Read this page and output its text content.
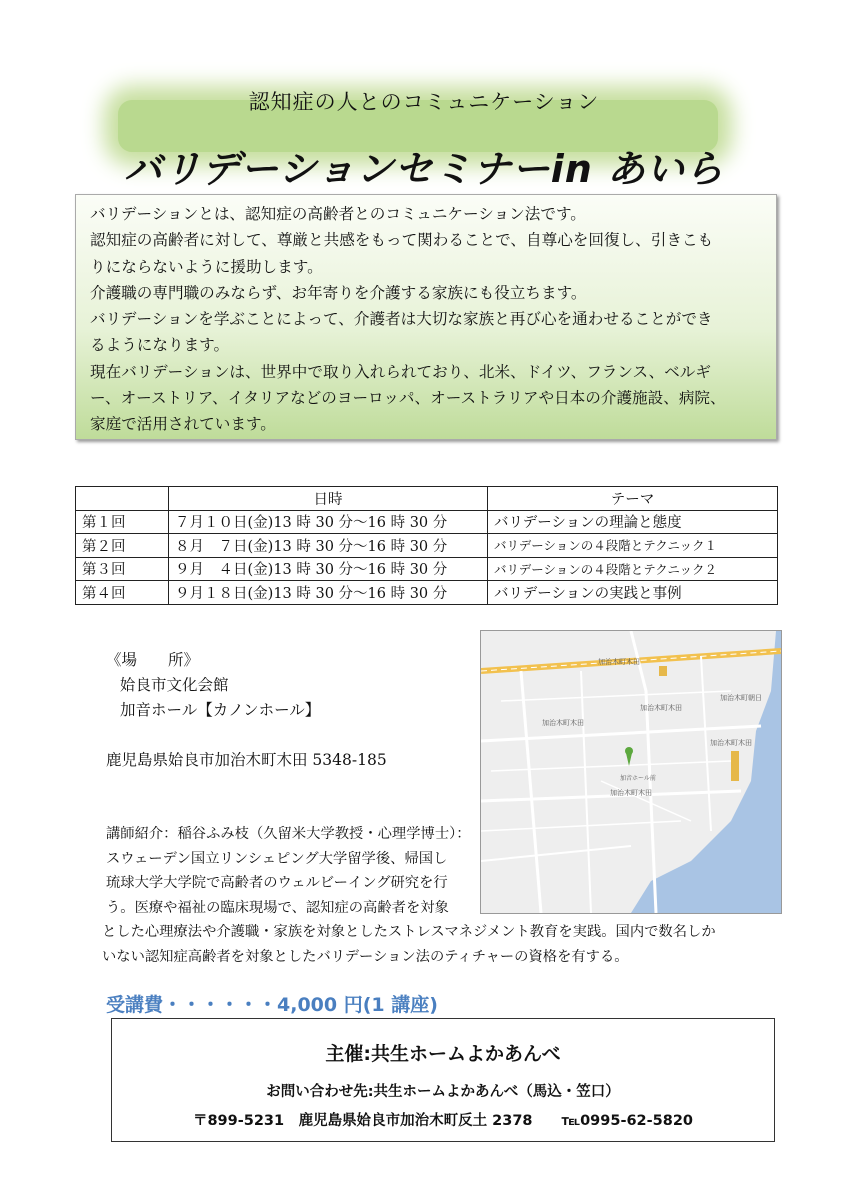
認知症の人とのコミュニケーション
バリデーションセミナーin あいら

バリデーションとは、認知症の高齢者とのコミュニケーション法です。

認知症の高齢者に対して、尊厳と共感をもって関わることで、自尊心を回復し、引きこも

りにならないように援助します。

介護職の専門職のみならず、お年寄りを介護する家族にも役立ちます。

バリデーションを学ぶことによって、介護者は大切な家族と再び心を通わせることができ

るようになります。

現在バリデーションは、世界中で取り入れられており、北米、ドイツ、フランス、ベルギ

ー、オーストリア、イタリアなどのヨーロッパ、オーストラリアや日本の介護施設、病院、

家庭で活用されています。

	日時	テーマ
第１回	７月１０日(金)13 時 30 分～16 時 30 分	バリデーションの理論と態度
第２回	８月　７日(金)13 時 30 分～16 時 30 分	バリデーションの４段階とテクニック１
第３回	９月　４日(金)13 時 30 分～16 時 30 分	バリデーションの４段階とテクニック２
第４回	９月１８日(金)13 時 30 分～16 時 30 分	バリデーションの実践と事例
《場　　所》
姶良市文化会館
加音ホール【カノンホール】
鹿児島県姶良市加治木町木田 5348-185
加治木町木田
加治木町木田
加治木町木田
加治木町木田
加治木町木田
加治木町朝日
加音ホール前
講師紹介：稲谷ふみ枝（久留米大学教授・心理学博士）：
スウェーデン国立リンシェピング大学留学後、帰国し
琉球大学大学院で高齢者のウェルビーイング研究を行
う。医療や福祉の臨床現場で、認知症の高齢者を対象
とした心理療法や介護職・家族を対象としたストレスマネジメント教育を実践。国内で数名しか
いない認知症高齢者を対象としたバリデーション法のティチャーの資格を有する。
受講費・・・・・・4,000 円(1 講座)
主催:共生ホームよかあんべ
お問い合わせ先:共生ホームよかあんべ（馬込・笠口）
〒899-5231　鹿児島県姶良市加治木町反土 2378　　℡0995-62-5820
